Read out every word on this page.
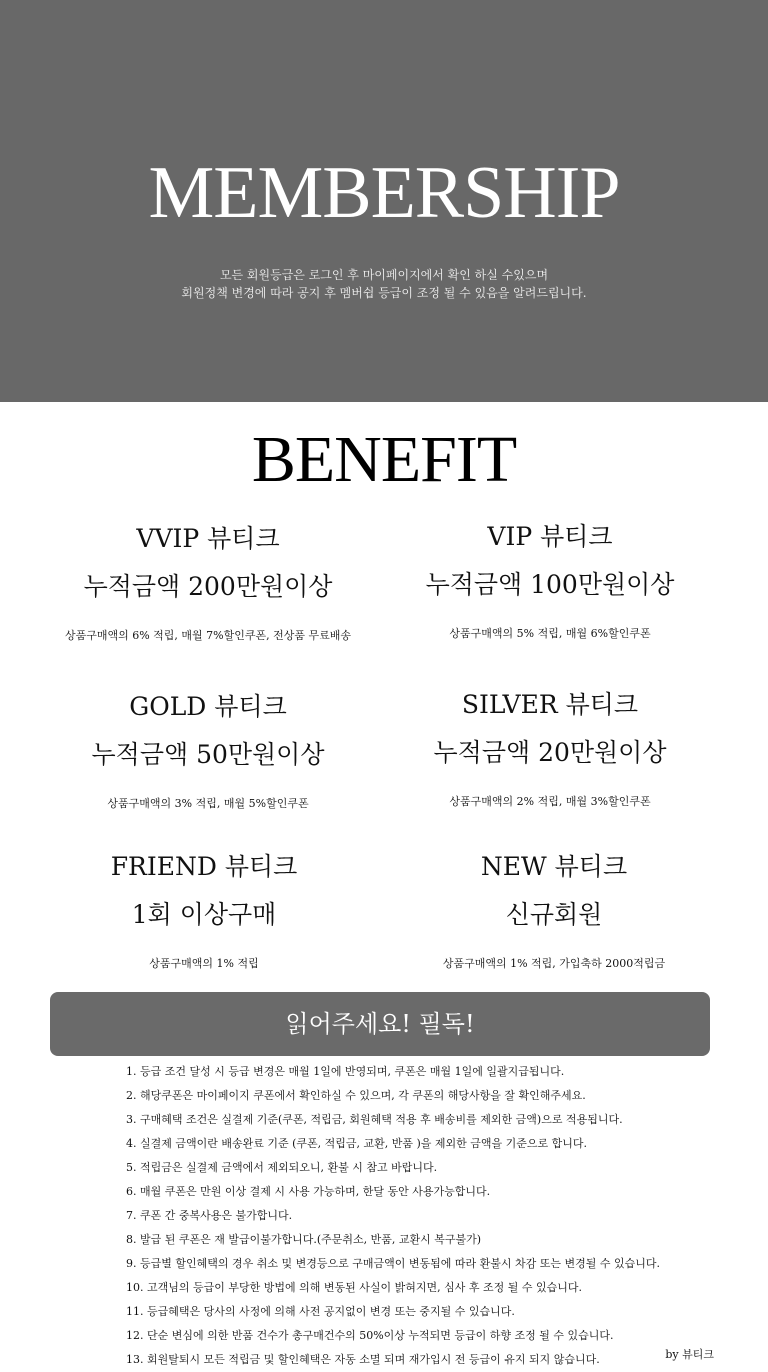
MEMBERSHIP
모든 회원등급은 로그인 후 마이페이지에서 확인 하실 수있으며
회원정책 변경에 따라 공지 후 멤버쉽 등급이 조정 될 수 있음을 알려드립니다.
BENEFIT
VVIP 뷰티크
누적금액 200만원이상
상품구매액의 6% 적립, 매월 7%할인쿠폰, 전상품 무료배송
VIP 뷰티크
누적금액 100만원이상
상품구매액의 5% 적립, 매월 6%할인쿠폰
GOLD 뷰티크
누적금액 50만원이상
상품구매액의 3% 적립, 매월 5%할인쿠폰
SILVER 뷰티크
누적금액 20만원이상
상품구매액의 2% 적립, 매월 3%할인쿠폰
FRIEND 뷰티크
1회 이상구매
상품구매액의 1% 적립
NEW 뷰티크
신규회원
상품구매액의 1% 적립, 가입축하 2000적립금
읽어주세요! 필독!
1. 등급 조건 달성 시 등급 변경은 매월 1일에 반영되며, 쿠폰은 매월 1일에 일괄지급됩니다.
2. 해당쿠폰은 마이페이지 쿠폰에서 확인하실 수 있으며, 각 쿠폰의 해당사항을 잘 확인해주세요.
3. 구매혜택 조건은 실결제 기준(쿠폰, 적립금, 회원혜택 적용 후 배송비를 제외한 금액)으로 적용됩니다.
4. 실결제 금액이란 배송완료 기준 (쿠폰, 적립금, 교환, 반품 )을 제외한 금액을 기준으로 합니다.
5. 적립금은 실결제 금액에서 제외되오니, 환불 시 참고 바랍니다.
6. 매월 쿠폰은 만원 이상 결제 시 사용 가능하며, 한달 동안 사용가능합니다.
7. 쿠폰 간 중복사용은 불가합니다.
8. 발급 된 쿠폰은 재 발급이불가합니다.(주문취소, 반품, 교환시 복구불가)
9. 등급별 할인혜택의 경우 취소 및 변경등으로 구매금액이 변동됨에 따라 환불시 차감 또는 변경될 수 있습니다.
10. 고객님의 등급이 부당한 방법에 의해 변동된 사실이 밝혀지면, 심사 후 조정 될 수 있습니다.
11. 등급혜택은 당사의 사정에 의해 사전 공지없이 변경 또는 중지될 수 있습니다.
12. 단순 변심에 의한 반품 건수가 총구매건수의 50%이상 누적되면 등급이 하향 조정 될 수 있습니다.
13. 회원탈퇴시 모든 적립금 및 할인혜택은 자동 소멸 되며 재가입시 전 등급이 유지 되지 않습니다.	by 뷰티크
